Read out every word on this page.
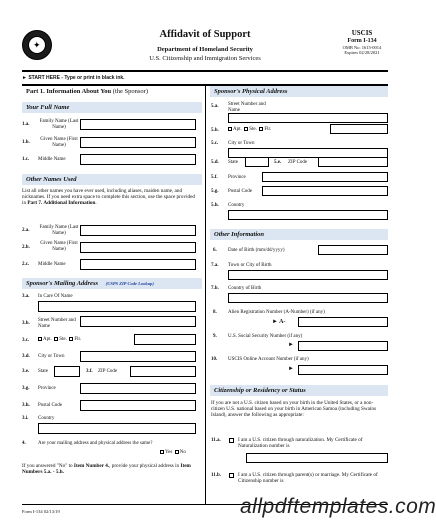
✦
Affidavit of Support
Department of Homeland Security
U.S. Citizenship and Immigration Services
USCIS
Form I-134
OMB No. 1615-0014
Expires 02/28/2021
► START HERE - Type or print in black ink.
Part 1. Information About You (the Sponsor)
Your Full Name
1.a.
Family Name (Last Name)
1.b.
Given Name (First Name)
1.c. Middle Name
Other Names Used
List all other names you have ever used, including aliases, maiden name, and nicknames. If you need extra space to complete this section, use the space provided in Part 7. Additional Information.
2.a.
Family Name (Last Name)
2.b.
Given Name (First Name)
2.c. Middle Name
Sponsor's Mailing Address (USPS ZIP Code Lookup)
3.a. In Care Of Name
3.b.
Street Number and Name
3.c.	Apt. Ste. Flr.
3.d. City or Town
3.e. State	3.f. ZIP Code
3.g. Province
3.h. Postal Code
3.i. Country
4. Are your mailing address and physical address the same?
Yes No
If you answered "No" to Item Number 4., provide your physical address in Item Numbers 5.a. - 5.h.
Sponsor's Physical Address
5.a. Street Number and Name
5.b.	Apt. Ste. Flr.
5.c. City or Town
5.d. State	5.e. ZIP Code
5.f. Province
5.g. Postal Code
5.h. Country
Other Information
6. Date of Birth (mm/dd/yyyy)
7.a. Town or City of Birth
7.b. Country of Birth
8. Alien Registration Number (A-Number) (if any)
► A-
9. U.S. Social Security Number (if any)
►
10. USCIS Online Account Number (if any)
►
Citizenship or Residency or Status
If you are not a U.S. citizen based on your birth in the United States, or a non-citizen U.S. national based on your birth in American Samoa (including Swains Island), answer the following as appropriate:
11.a.	I am a U.S. citizen through naturalization. My Certificate of Naturalization number is
11.b.	I am a U.S. citizen through parent(s) or marriage. My Certificate of Citizenship number is
Form I-134 02/13/19	allpdftemplates.com
